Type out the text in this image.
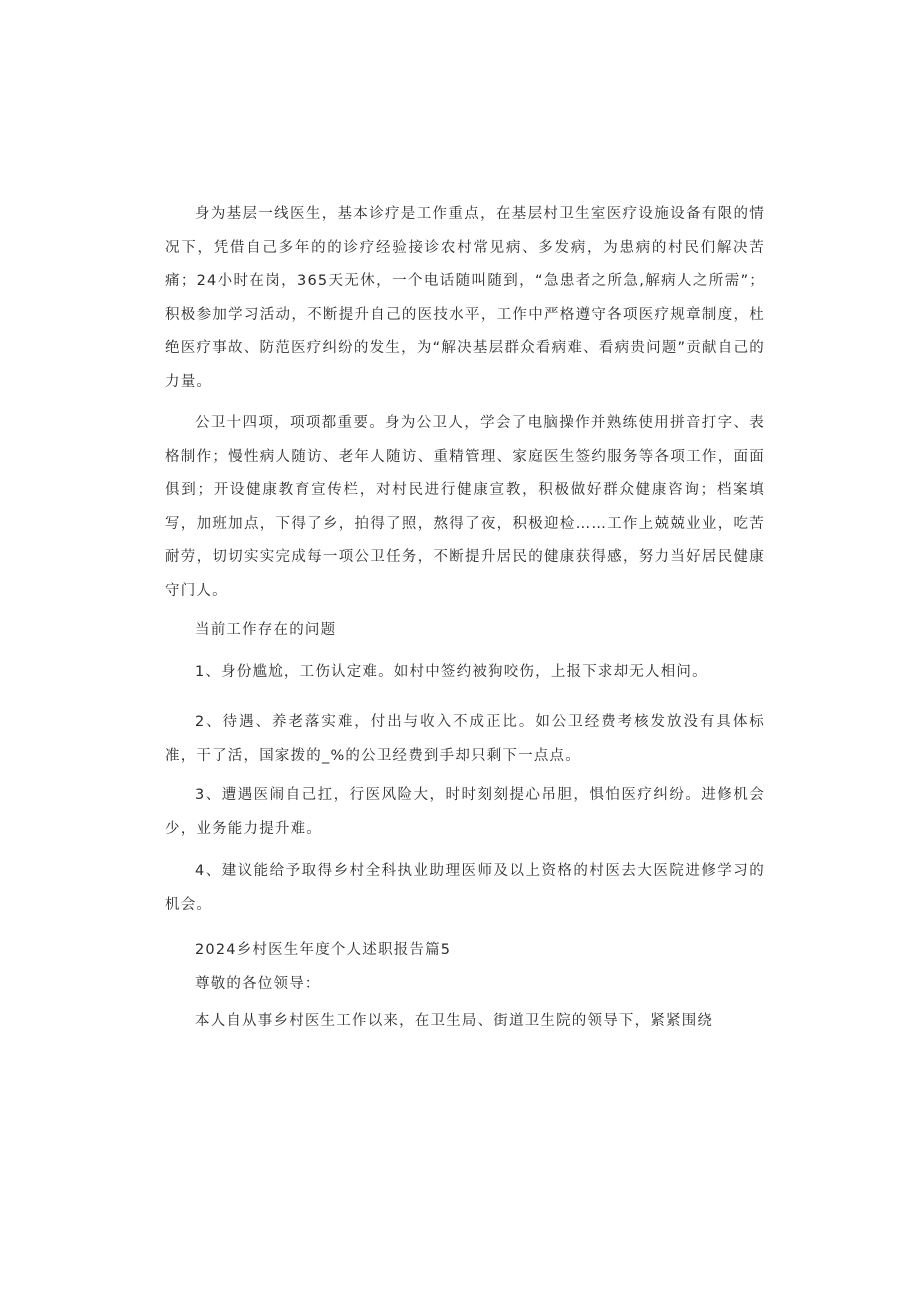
身为基层一线医生，基本诊疗是工作重点，在基层村卫生室医疗设施设备有限的情况下，凭借自己多年的的诊疗经验接诊农村常见病、多发病，为患病的村民们解决苦痛；24小时在岗，365天无休，一个电话随叫随到，“急患者之所急,解病人之所需”；积极参加学习活动，不断提升自己的医技水平，工作中严格遵守各项医疗规章制度，杜绝医疗事故、防范医疗纠纷的发生，为“解决基层群众看病难、看病贵问题”贡献自己的力量。

公卫十四项，项项都重要。身为公卫人，学会了电脑操作并熟练使用拼音打字、表格制作；慢性病人随访、老年人随访、重精管理、家庭医生签约服务等各项工作，面面俱到；开设健康教育宣传栏，对村民进行健康宣教，积极做好群众健康咨询；档案填写，加班加点，下得了乡，拍得了照，熬得了夜，积极迎检……工作上兢兢业业，吃苦耐劳，切切实实完成每一项公卫任务，不断提升居民的健康获得感，努力当好居民健康守门人。

当前工作存在的问题

1、身份尴尬，工伤认定难。如村中签约被狗咬伤，上报下求却无人相问。

2、待遇、养老落实难，付出与收入不成正比。如公卫经费考核发放没有具体标准，干了活，国家拨的_%的公卫经费到手却只剩下一点点。

3、遭遇医闹自己扛，行医风险大，时时刻刻提心吊胆，惧怕医疗纠纷。进修机会少，业务能力提升难。

4、建议能给予取得乡村全科执业助理医师及以上资格的村医去大医院进修学习的机会。

2024乡村医生年度个人述职报告篇5

尊敬的各位领导：

本人自从事乡村医生工作以来，在卫生局、街道卫生院的领导下，紧紧围绕
